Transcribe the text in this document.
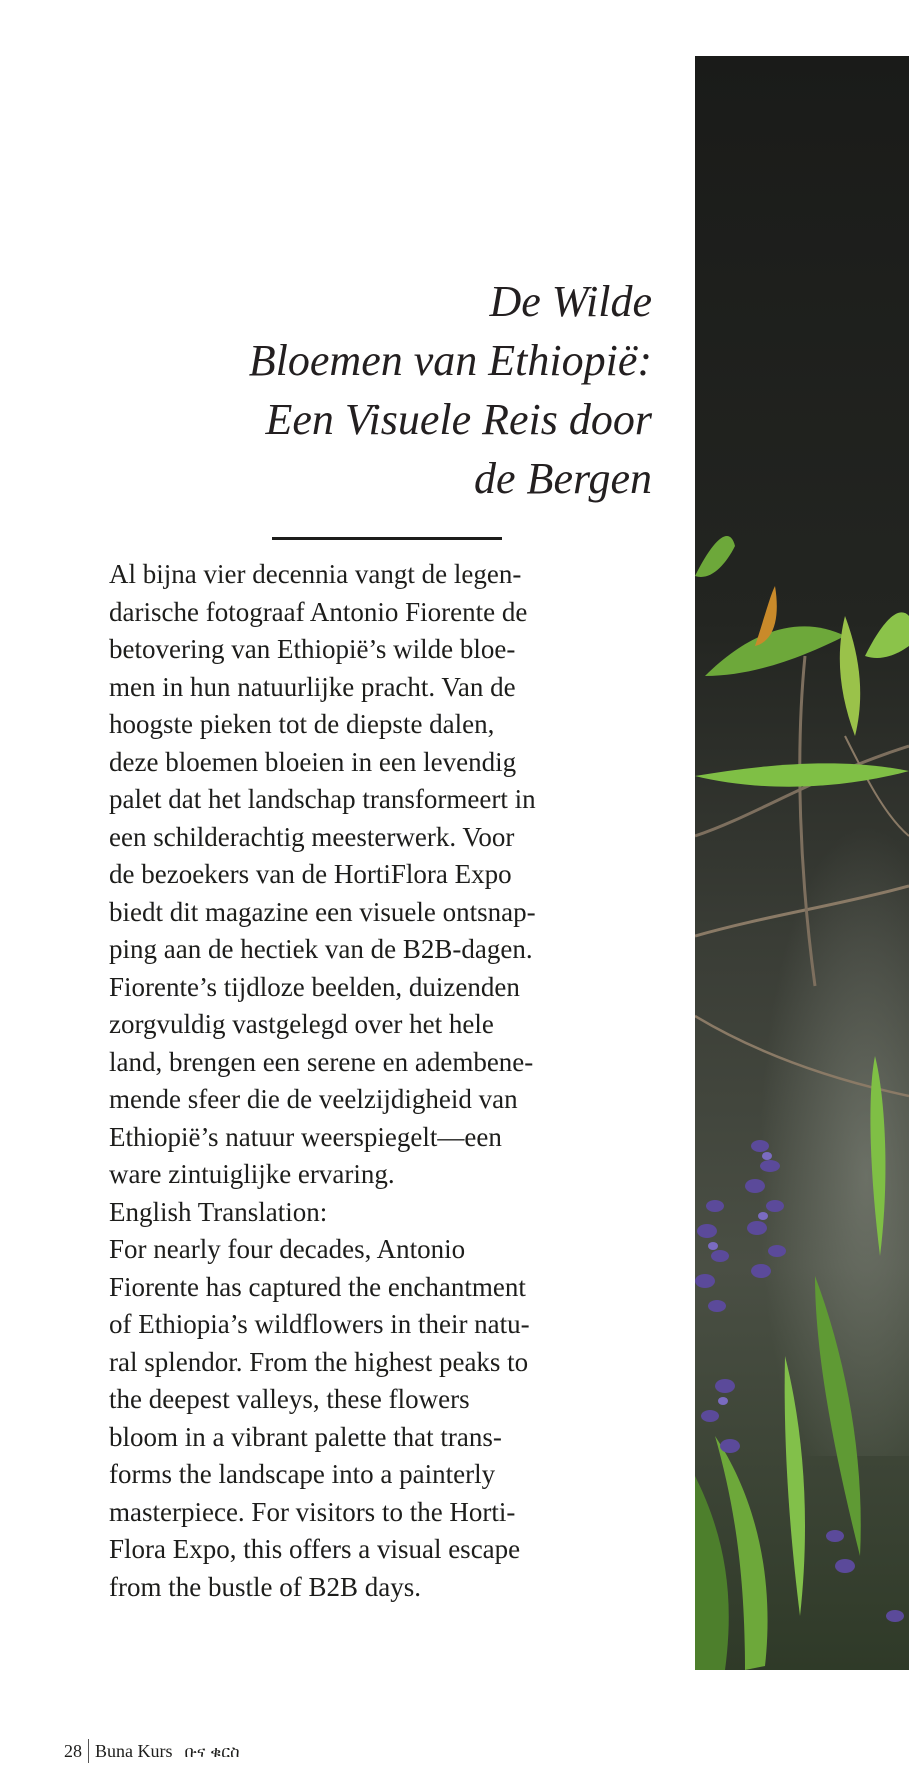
De Wilde
Bloemen van Ethiopië:
Een Visuele Reis door
de Bergen
Al bijna vier decennia vangt de legen-
darische fotograaf Antonio Fiorente de
betovering van Ethiopië’s wilde bloe-
men in hun natuurlijke pracht. Van de
hoogste pieken tot de diepste dalen,
deze bloemen bloeien in een levendig
palet dat het landschap transformeert in
een schilderachtig meesterwerk. Voor
de bezoekers van de HortiFlora Expo
biedt dit magazine een visuele ontsnap-
ping aan de hectiek van de B2B-dagen.
Fiorente’s tijdloze beelden, duizenden
zorgvuldig vastgelegd over het hele
land, brengen een serene en adembene-
mende sfeer die de veelzijdigheid van
Ethiopië’s natuur weerspiegelt—een
ware zintuiglijke ervaring.
English Translation:
For nearly four decades, Antonio
Fiorente has captured the enchantment
of Ethiopia’s wildflowers in their natu-
ral splendor. From the highest peaks to
the deepest valleys, these flowers
bloom in a vibrant palette that trans-
forms the landscape into a painterly
masterpiece. For visitors to the Horti-
Flora Expo, this offers a visual escape
from the bustle of B2B days.
28 Buna Kurs ቡና ቁርስ
